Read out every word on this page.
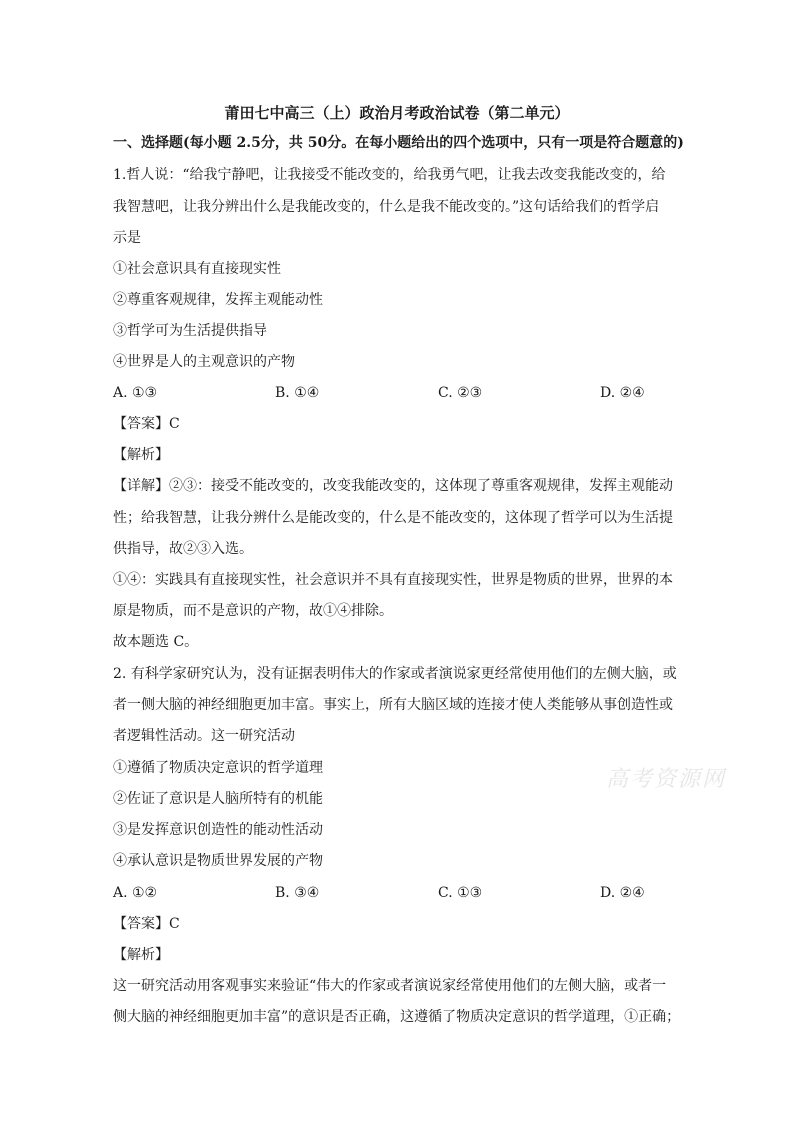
莆田七中高三（上）政治月考政治试卷（第二单元）
一、选择题(每小题 2.5分，共 50分。在每小题给出的四个选项中，只有一项是符合题意的)
1.哲人说：“给我宁静吧，让我接受不能改变的，给我勇气吧，让我去改变我能改变的，给
我智慧吧，让我分辨出什么是我能改变的，什么是我不能改变的。”这句话给我们的哲学启
示是
①社会意识具有直接现实性
②尊重客观规律，发挥主观能动性
③哲学可为生活提供指导
④世界是人的主观意识的产物
A. ①③	B. ①④	C. ②③	D. ②④
【答案】C
【解析】
【详解】②③：接受不能改变的，改变我能改变的，这体现了尊重客观规律，发挥主观能动
性；给我智慧，让我分辨什么是能改变的，什么是不能改变的，这体现了哲学可以为生活提
供指导，故②③入选。
①④：实践具有直接现实性，社会意识并不具有直接现实性，世界是物质的世界，世界的本
原是物质，而不是意识的产物，故①④排除。
故本题选 C。
2. 有科学家研究认为，没有证据表明伟大的作家或者演说家更经常使用他们的左侧大脑，或
者一侧大脑的神经细胞更加丰富。事实上，所有大脑区域的连接才使人类能够从事创造性或
者逻辑性活动。这一研究活动
①遵循了物质决定意识的哲学道理
②佐证了意识是人脑所特有的机能
③是发挥意识创造性的能动性活动
④承认意识是物质世界发展的产物
A. ①②	B. ③④	C. ①③	D. ②④
【答案】C
【解析】
这一研究活动用客观事实来验证“伟大的作家或者演说家经常使用他们的左侧大脑，或者一
侧大脑的神经细胞更加丰富”的意识是否正确，这遵循了物质决定意识的哲学道理，①正确；
高考资源网
